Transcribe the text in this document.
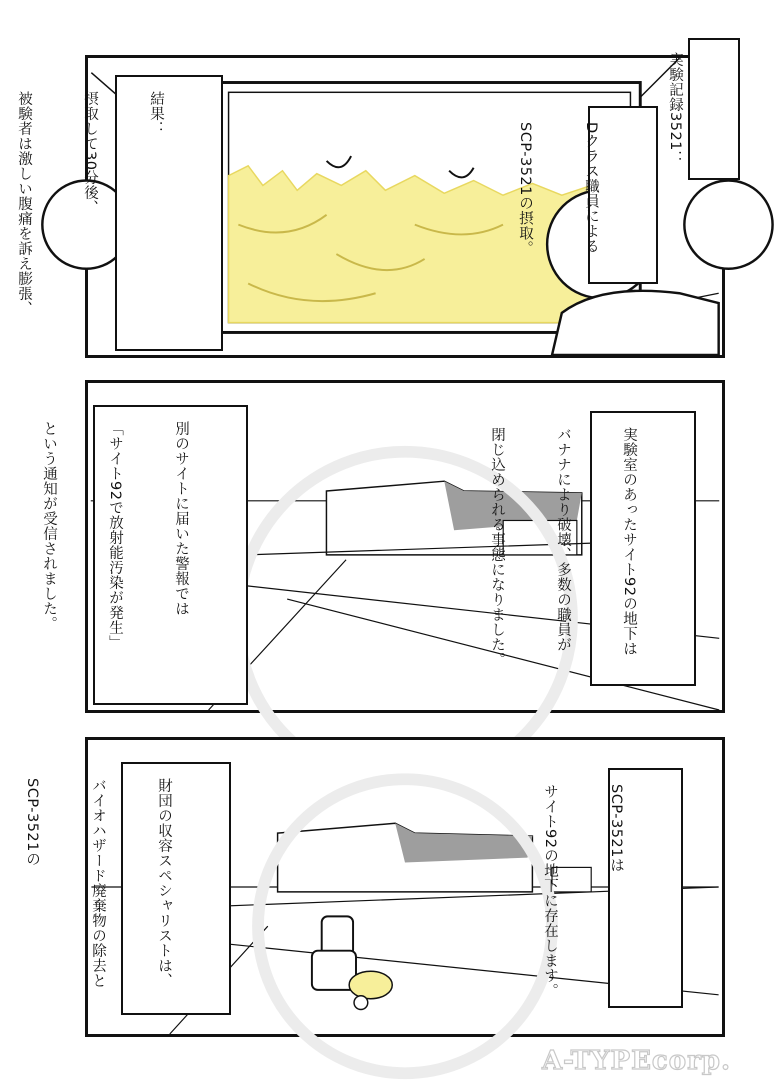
Dクラス職員による

SCP-3521の摂取。

結果：

摂取して30分後、

被験者は激しい腹痛を訴え膨張、

	実験記録3521：

実験室のあったサイト92の地下は

バナナにより破壊、多数の職員が

閉じ込められる事態になりました。

別のサイトに届いた警報では

「サイト92で放射能汚染が発生」

という通知が受信されました。

SCP-3521は

サイト92の地下に存在します。

財団の収容スペシャリストは、

バイオハザード廃棄物の除去と

SCP-3521の

A-TYPEcorp.
